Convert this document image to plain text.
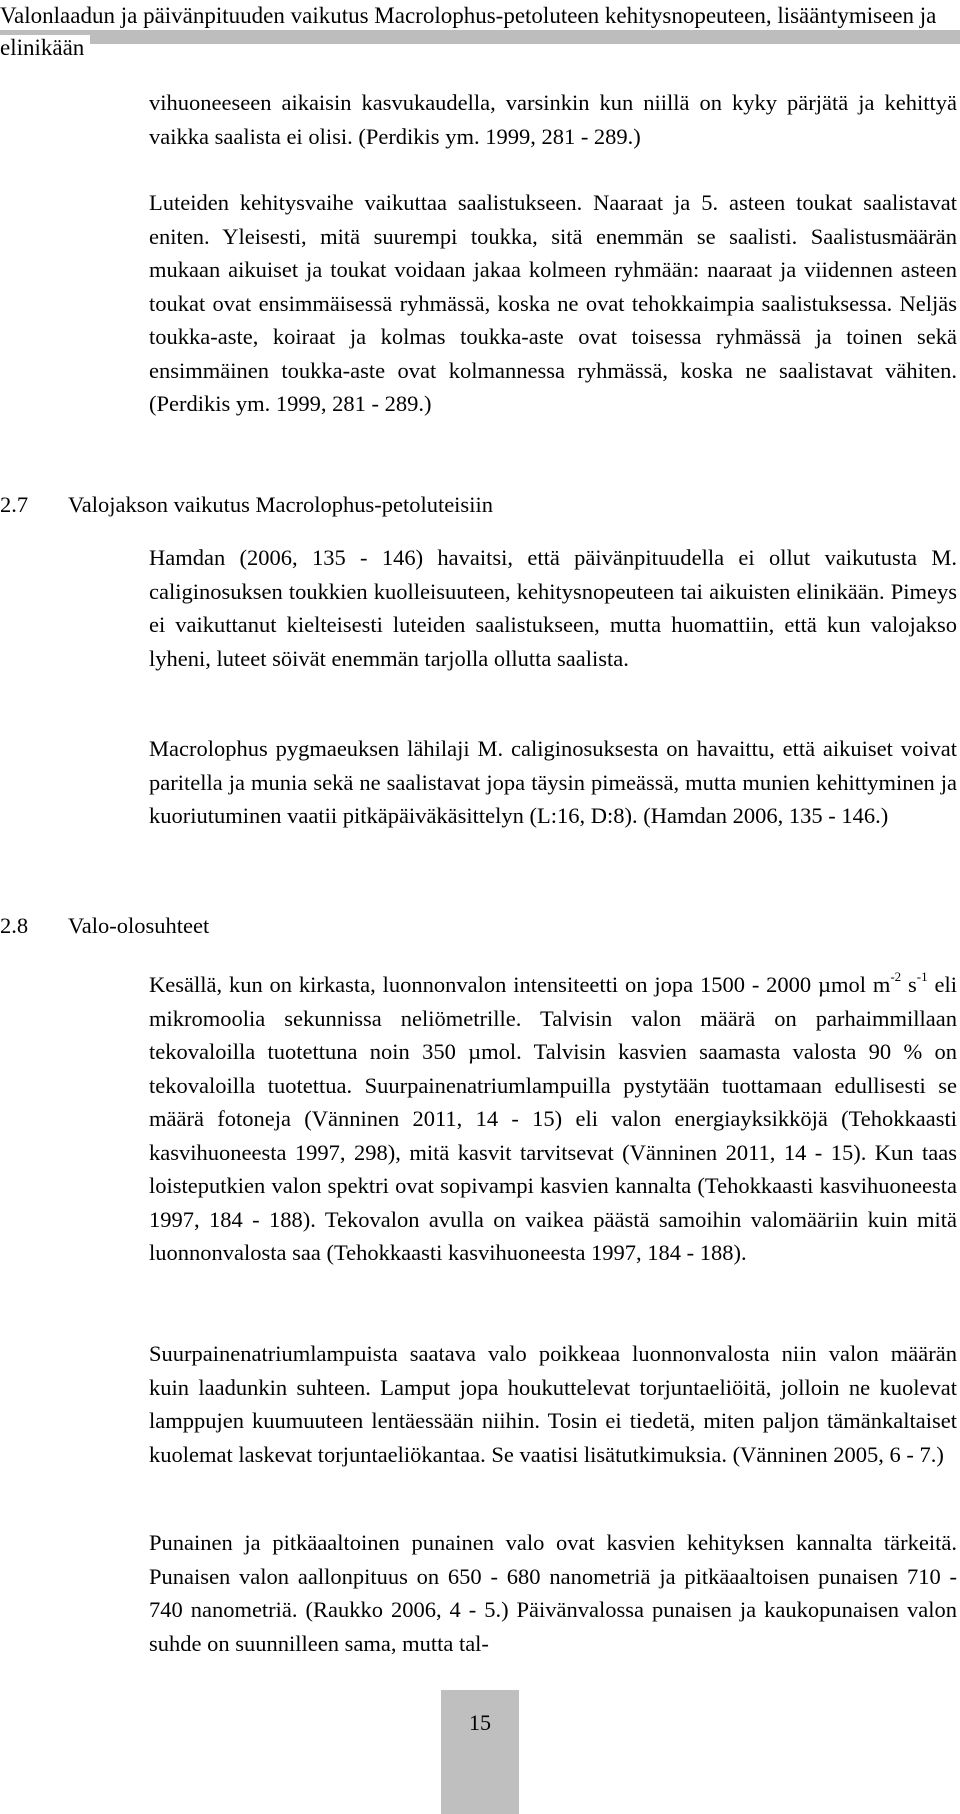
Valonlaadun ja päivänpituuden vaikutus Macrolophus-petoluteen kehitysnopeuteen, lisääntymiseen ja elinikään

vihuoneeseen aikaisin kasvukaudella, varsinkin kun niillä on kyky pärjätä ja kehittyä vaikka saalista ei olisi. (Perdikis ym. 1999, 281 - 289.)

Luteiden kehitysvaihe vaikuttaa saalistukseen. Naaraat ja 5. asteen toukat saalistavat eniten. Yleisesti, mitä suurempi toukka, sitä enemmän se saalisti. Saalistusmäärän mukaan aikuiset ja toukat voidaan jakaa kolmeen ryhmään: naaraat ja viidennen asteen toukat ovat ensimmäisessä ryhmässä, koska ne ovat tehokkaimpia saalistuksessa. Neljäs toukka-aste, koiraat ja kolmas toukka-aste ovat toisessa ryhmässä ja toinen sekä ensimmäinen toukka-aste ovat kolmannessa ryhmässä, koska ne saalistavat vähiten. (Perdikis ym. 1999, 281 - 289.)

2.7 Valojakson vaikutus Macrolophus-petoluteisiin

Hamdan (2006, 135 - 146) havaitsi, että päivänpituudella ei ollut vaikutusta M. caliginosuksen toukkien kuolleisuuteen, kehitysnopeuteen tai aikuisten elinikään. Pimeys ei vaikuttanut kielteisesti luteiden saalistukseen, mutta huomattiin, että kun valojakso lyheni, luteet söivät enemmän tarjolla ollutta saalista.

Macrolophus pygmaeuksen lähilaji M. caliginosuksesta on havaittu, että aikuiset voivat paritella ja munia sekä ne saalistavat jopa täysin pimeässä, mutta munien kehittyminen ja kuoriutuminen vaatii pitkäpäiväkäsittelyn (L:16, D:8). (Hamdan 2006, 135 - 146.)

2.8 Valo-olosuhteet

Kesällä, kun on kirkasta, luonnonvalon intensiteetti on jopa 1500 - 2000 µmol $m^{-2}$ $s^{-1}$ eli mikromoolia sekunnissa neliömetrille. Talvisin valon määrä on parhaimmillaan tekovaloilla tuotettuna noin 350 µmol. Talvisin kasvien saamasta valosta 90 % on tekovaloilla tuotettua. Suurpainenatriumlampuilla pystytään tuottamaan edullisesti se määrä fotoneja (Vänninen 2011, 14 - 15) eli valon energiayksikköjä (Tehokkaasti kasvihuoneesta 1997, 298), mitä kasvit tarvitsevat (Vänninen 2011, 14 - 15). Kun taas loisteputkien valon spektri ovat sopivampi kasvien kannalta (Tehokkaasti kasvihuoneesta 1997, 184 - 188). Tekovalon avulla on vaikea päästä samoihin valomääriin kuin mitä luonnonvalosta saa (Tehokkaasti kasvihuoneesta 1997, 184 - 188).

Suurpainenatriumlampuista saatava valo poikkeaa luonnonvalosta niin valon määrän kuin laadunkin suhteen. Lamput jopa houkuttelevat torjuntaeliöitä, jolloin ne kuolevat lamppujen kuumuuteen lentäessään niihin. Tosin ei tiedetä, miten paljon tämänkaltaiset kuolemat laskevat torjuntaeliökantaa. Se vaatisi lisätutkimuksia. (Vänninen 2005, 6 - 7.)

Punainen ja pitkäaaltoinen punainen valo ovat kasvien kehityksen kannalta tärkeitä. Punaisen valon aallonpituus on 650 - 680 nanometriä ja pitkäaaltoisen punaisen 710 - 740 nanometriä. (Raukko 2006, 4 - 5.) Päivänvalossa punaisen ja kaukopunaisen valon suhde on suunnilleen sama, mutta tal-

15
